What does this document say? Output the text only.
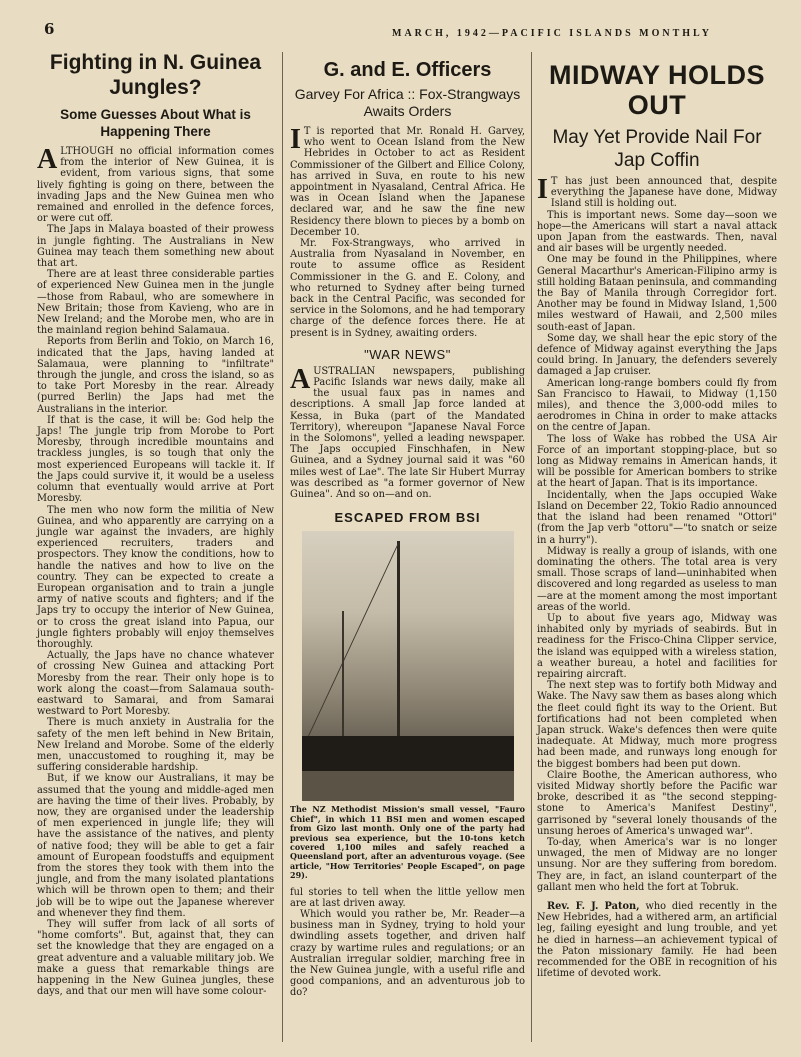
6	MARCH, 1942—PACIFIC ISLANDS MONTHLY
Fighting in N. Guinea Jungles?
Some Guesses About What is Happening There

ALTHOUGH no official information comes from the interior of New Guinea, it is evident, from various signs, that some lively fighting is going on there, between the invading Japs and the New Guinea men who remained and enrolled in the defence forces, or were cut off.

The Japs in Malaya boasted of their prowess in jungle fighting. The Australians in New Guinea may teach them something new about that art.

There are at least three considerable parties of experienced New Guinea men in the jungle—those from Rabaul, who are somewhere in New Britain; those from Kavieng, who are in New Ireland; and the Morobe men, who are in the mainland region behind Salamaua.

Reports from Berlin and Tokio, on March 16, indicated that the Japs, having landed at Salamaua, were planning to "infiltrate" through the jungle, and cross the island, so as to take Port Moresby in the rear. Already (purred Berlin) the Japs had met the Australians in the interior.

If that is the case, it will be: God help the Japs! The jungle trip from Morobe to Port Moresby, through incredible mountains and trackless jungles, is so tough that only the most experienced Europeans will tackle it. If the Japs could survive it, it would be a useless column that eventually would arrive at Port Moresby.

The men who now form the militia of New Guinea, and who apparently are carrying on a jungle war against the invaders, are highly experienced recruiters, traders and prospectors. They know the conditions, how to handle the natives and how to live on the country. They can be expected to create a European organisation and to train a jungle army of native scouts and fighters; and if the Japs try to occupy the interior of New Guinea, or to cross the great island into Papua, our jungle fighters probably will enjoy themselves thoroughly.

Actually, the Japs have no chance whatever of crossing New Guinea and attacking Port Moresby from the rear. Their only hope is to work along the coast—from Salamaua south-eastward to Samarai, and from Samarai westward to Port Moresby.

There is much anxiety in Australia for the safety of the men left behind in New Britain, New Ireland and Morobe. Some of the elderly men, unaccustomed to roughing it, may be suffering considerable hardship.

But, if we know our Australians, it may be assumed that the young and middle-aged men are having the time of their lives. Probably, by now, they are organised under the leadership of men experienced in jungle life; they will have the assistance of the natives, and plenty of native food; they will be able to get a fair amount of European foodstuffs and equipment from the stores they took with them into the jungle, and from the many isolated plantations which will be thrown open to them; and their job will be to wipe out the Japanese wherever and whenever they find them.

They will suffer from lack of all sorts of "home comforts". But, against that, they can set the knowledge that they are engaged on a great adventure and a valuable military job. We make a guess that remarkable things are happening in the New Guinea jungles, these days, and that our men will have some colour-

G. and E. Officers
Garvey For Africa :: Fox-Strangways Awaits Orders

I T is reported that Mr. Ronald H. Garvey, who went to Ocean Island from the New Hebrides in October to act as Resident Commissioner of the Gilbert and Ellice Colony, has arrived in Suva, en route to his new appointment in Nyasaland, Central Africa. He was in Ocean Island when the Japanese declared war, and he saw the fine new Residency there blown to pieces by a bomb on December 10.

Mr. Fox-Strangways, who arrived in Australia from Nyasaland in November, en route to assume office as Resident Commissioner in the G. and E. Colony, and who returned to Sydney after being turned back in the Central Pacific, was seconded for service in the Solomons, and he had temporary charge of the defence forces there. He at present is in Sydney, awaiting orders.

"WAR NEWS"

AUSTRALIAN newspapers, publishing Pacific Islands war news daily, make all the usual faux pas in names and descriptions. A small Jap force landed at Kessa, in Buka (part of the Mandated Territory), whereupon "Japanese Naval Force in the Solomons", yelled a leading newspaper. The Japs occupied Finschhafen, in New Guinea, and a Sydney journal said it was "60 miles west of Lae". The late Sir Hubert Murray was described as "a former governor of New Guinea". And so on—and on.

ESCAPED FROM BSI
The NZ Methodist Mission's small vessel, "Fauro Chief", in which 11 BSI men and women escaped from Gizo last month. Only one of the party had previous sea experience, but the 10-tons ketch covered 1,100 miles and safely reached a Queensland port, after an adventurous voyage. (See article, "How Territories' People Escaped", on page 29).

ful stories to tell when the little yellow men are at last driven away.

Which would you rather be, Mr. Reader—a business man in Sydney, trying to hold your dwindling assets together, and driven half crazy by wartime rules and regulations; or an Australian irregular soldier, marching free in the New Guinea jungle, with a useful rifle and good companions, and an adventurous job to do?

MIDWAY HOLDS OUT
May Yet Provide Nail For Jap Coffin

I T has just been announced that, despite everything the Japanese have done, Midway Island still is holding out.

This is important news. Some day—soon we hope—the Americans will start a naval attack upon Japan from the eastwards. Then, naval and air bases will be urgently needed.

One may be found in the Philippines, where General Macarthur's American-Filipino army is still holding Bataan peninsula, and commanding the Bay of Manila through Corregidor fort. Another may be found in Midway Island, 1,500 miles westward of Hawaii, and 2,500 miles south-east of Japan.

Some day, we shall hear the epic story of the defence of Midway against everything the Japs could bring. In January, the defenders severely damaged a Jap cruiser.

American long-range bombers could fly from San Francisco to Hawaii, to Midway (1,150 miles), and thence the 3,000-odd miles to aerodromes in China in order to make attacks on the centre of Japan.

The loss of Wake has robbed the USA Air Force of an important stopping-place, but so long as Midway remains in American hands, it will be possible for American bombers to strike at the heart of Japan. That is its importance.

Incidentally, when the Japs occupied Wake Island on December 22, Tokio Radio announced that the island had been renamed "Ottori" (from the Jap verb "ottoru"—"to snatch or seize in a hurry").

Midway is really a group of islands, with one dominating the others. The total area is very small. Those scraps of land—uninhabited when discovered and long regarded as useless to man—are at the moment among the most important areas of the world.

Up to about five years ago, Midway was inhabited only by myriads of seabirds. But in readiness for the Frisco-China Clipper service, the island was equipped with a wireless station, a weather bureau, a hotel and facilities for repairing aircraft.

The next step was to fortify both Midway and Wake. The Navy saw them as bases along which the fleet could fight its way to the Orient. But fortifications had not been completed when Japan struck. Wake's defences then were quite inadequate. At Midway, much more progress had been made, and runways long enough for the biggest bombers had been put down.

Claire Boothe, the American authoress, who visited Midway shortly before the Pacific war broke, described it as "the second stepping-stone to America's Manifest Destiny", garrisoned by "several lonely thousands of the unsung heroes of America's unwaged war".

To-day, when America's war is no longer unwaged, the men of Midway are no longer unsung. Nor are they suffering from boredom. They are, in fact, an island counterpart of the gallant men who held the fort at Tobruk.

Rev. F. J. Paton, who died recently in the New Hebrides, had a withered arm, an artificial leg, failing eyesight and lung trouble, and yet he died in harness—an achievement typical of the Paton missionary family. He had been recommended for the OBE in recognition of his lifetime of devoted work.
